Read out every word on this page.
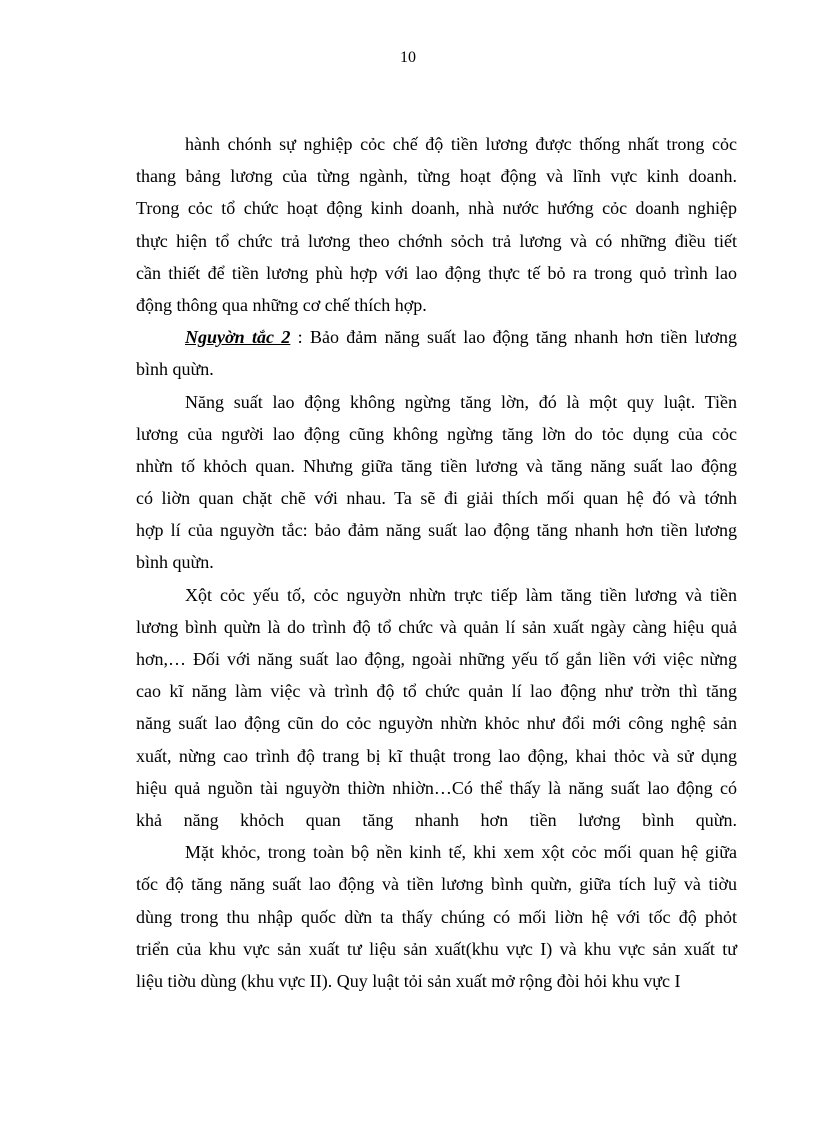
10
hành chónh sự nghiệp cỏc chế độ tiền lương được thống nhất trong cỏc
thang bảng lương của từng ngành, từng hoạt động và lĩnh vực kinh doanh.
Trong cỏc tổ chức hoạt động kinh doanh, nhà nước hướng cỏc doanh nghiệp
thực hiện tổ chức trả lương theo chớnh sỏch trả lương và có những điều tiết
cần thiết để tiền lương phù hợp với lao động thực tế bỏ ra trong quỏ trình lao
động thông qua những cơ chế thích hợp.
Nguyờn tắc 2 : Bảo đảm năng suất lao động tăng nhanh hơn tiền lương
bình quừn.
Năng suất lao động không ngừng tăng lờn, đó là một quy luật. Tiền
lương của người lao động cũng không ngừng tăng lờn do tỏc dụng của cỏc
nhừn tố khỏch quan. Nhưng giữa tăng tiền lương và tăng năng suất lao động
có liờn quan chặt chẽ với nhau. Ta sẽ đi giải thích mối quan hệ đó và tớnh
hợp lí của nguyờn tắc: bảo đảm năng suất lao động tăng nhanh hơn tiền lương
bình quừn.
Xột cỏc yếu tố, cỏc nguyờn nhừn trực tiếp làm tăng tiền lương và tiền
lương bình quừn là do trình độ tổ chức và quản lí sản xuất ngày càng hiệu quả
hơn,… Đối với năng suất lao động, ngoài những yếu tố gắn liền với việc nừng
cao kĩ năng làm việc và trình độ tổ chức quản lí lao động như trờn thì tăng
năng suất lao động cũn do cỏc nguyờn nhừn khỏc như đổi mới công nghệ sản
xuất, nừng cao trình độ trang bị kĩ thuật trong lao động, khai thỏc và sử dụng
hiệu quả nguồn tài nguyờn thiờn nhiờn…Có thể thấy là năng suất lao động có
khả năng khỏch quan tăng nhanh hơn tiền lương bình quừn.
Mặt khỏc, trong toàn bộ nền kinh tế, khi xem xột cỏc mối quan hệ giữa
tốc độ tăng năng suất lao động và tiền lương bình quừn, giữa tích luỹ và tiờu
dùng trong thu nhập quốc dừn ta thấy chúng có mối liờn hệ với tốc độ phỏt
triển của khu vực sản xuất tư liệu sản xuất(khu vực I) và khu vực sản xuất tư
liệu tiờu dùng (khu vực II). Quy luật tỏi sản xuất mở rộng đòi hỏi khu vực I
